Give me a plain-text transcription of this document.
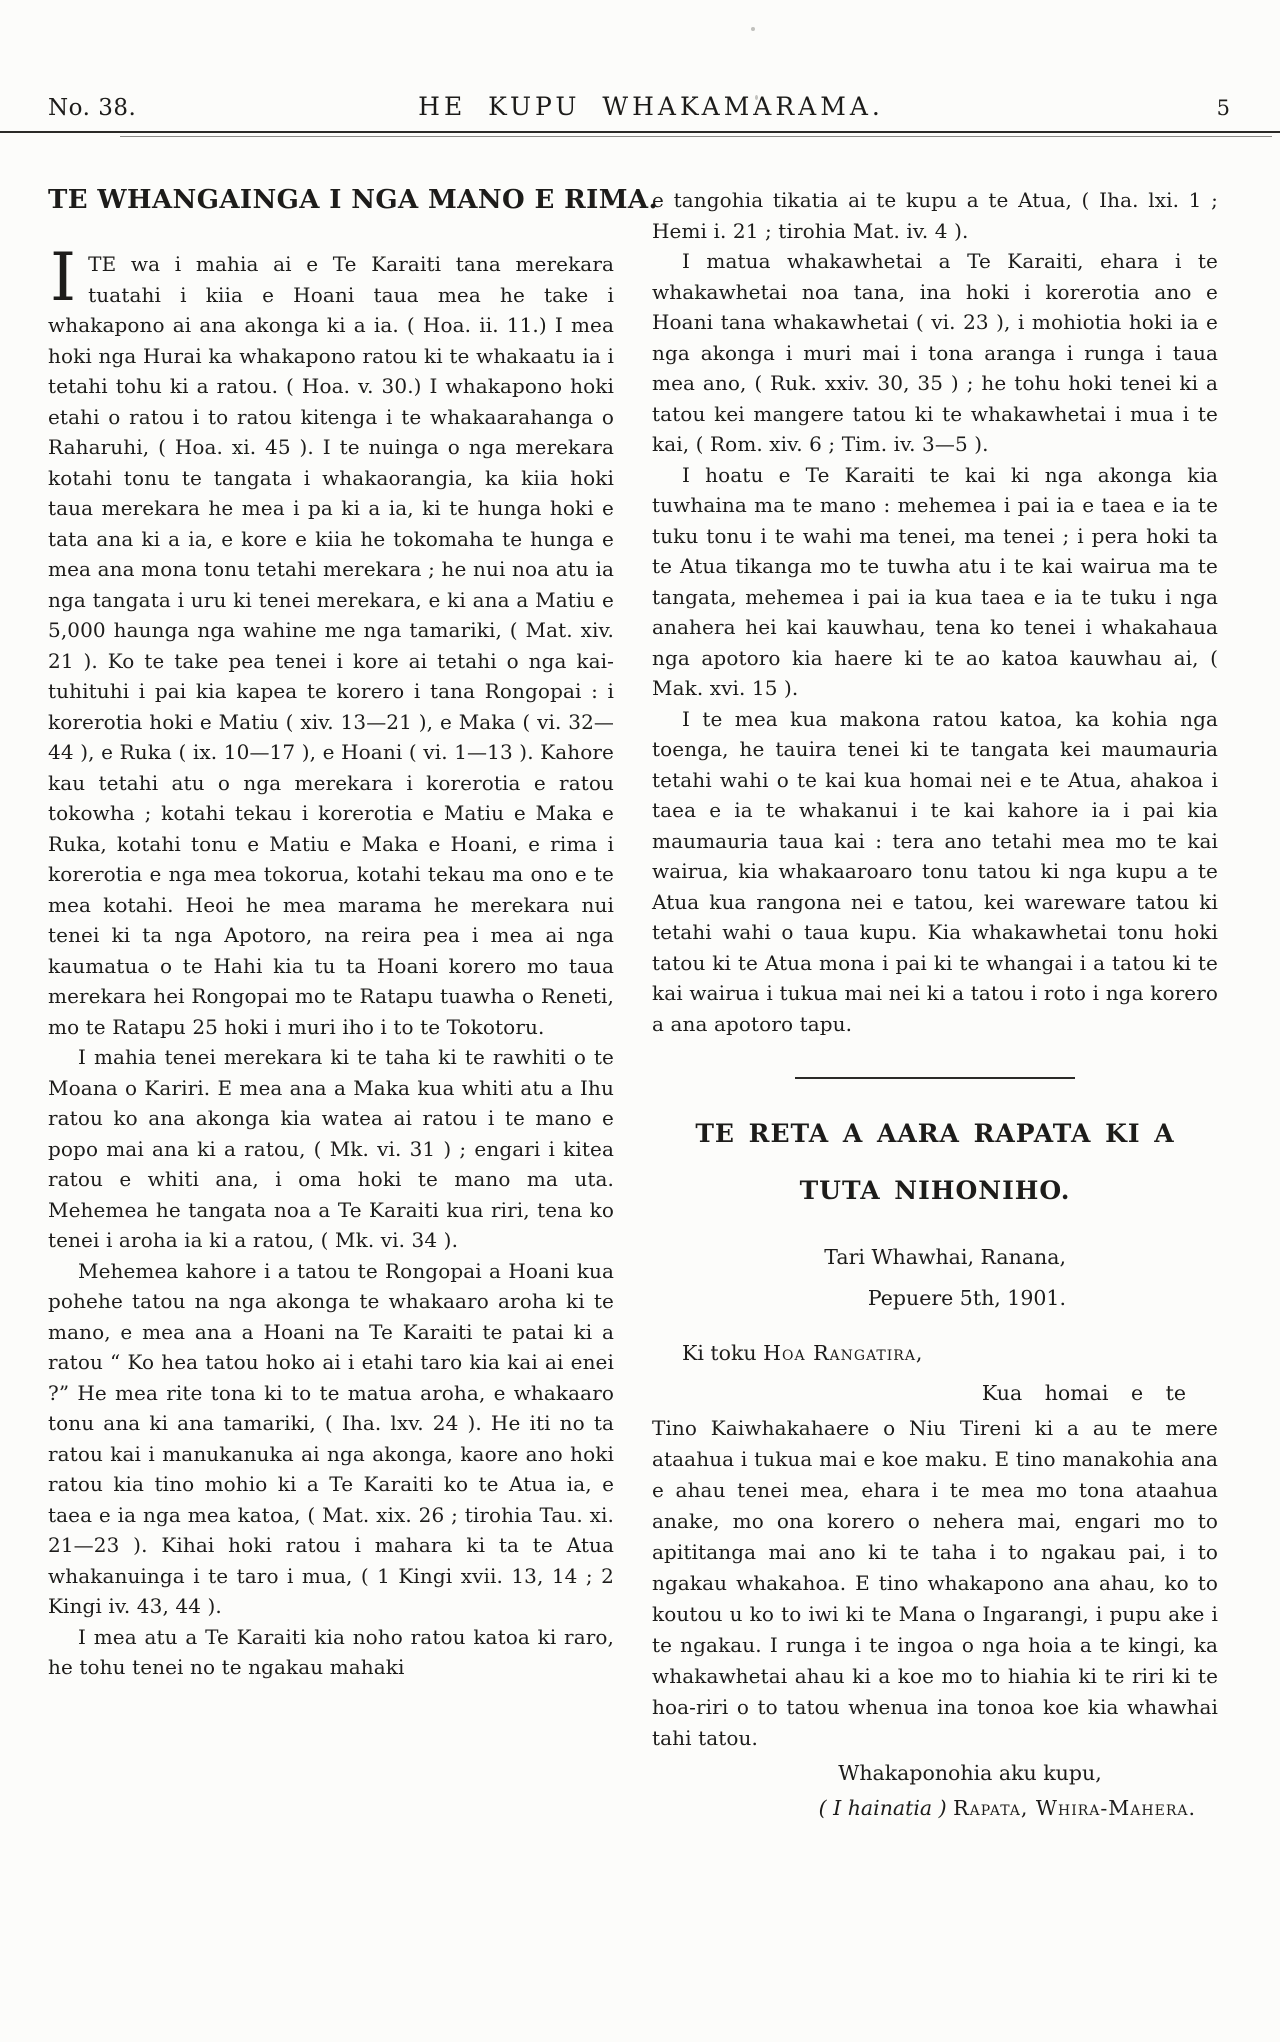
No. 38.	HE KUPU WHAKAMARAMA.	5
TE WHANGAINGA I NGA MANO E RIMA.

ITE wa i mahia ai e Te Karaiti tana merekara tuatahi i kiia e Hoani taua mea he take i whakapono ai ana akonga ki a ia. ( Hoa. ii. 11.) I mea hoki nga Hurai ka whakapono ratou ki te whakaatu ia i tetahi tohu ki a ratou. ( Hoa. v. 30.) I whakapono hoki etahi o ratou i to ratou kitenga i te whakaarahanga o Raharuhi, ( Hoa. xi. 45 ). I te nuinga o nga merekara kotahi tonu te tangata i whakaorangia, ka kiia hoki taua merekara he mea i pa ki a ia, ki te hunga hoki e tata ana ki a ia, e kore e kiia he tokomaha te hunga e mea ana mona tonu tetahi merekara ; he nui noa atu ia nga tangata i uru ki tenei merekara, e ki ana a Matiu e 5,000 haunga nga wahine me nga tamariki, ( Mat. xiv. 21 ). Ko te take pea tenei i kore ai tetahi o nga kai-tuhituhi i pai kia kapea te korero i tana Rongopai : i korerotia hoki e Matiu ( xiv. 13—21 ), e Maka ( vi. 32—44 ), e Ruka ( ix. 10—17 ), e Hoani ( vi. 1—13 ). Kahore kau tetahi atu o nga merekara i korerotia e ratou tokowha ; kotahi tekau i korerotia e Matiu e Maka e Ruka, kotahi tonu e Matiu e Maka e Hoani, e rima i korerotia e nga mea tokorua, kotahi tekau ma ono e te mea kotahi. Heoi he mea marama he merekara nui tenei ki ta nga Apotoro, na reira pea i mea ai nga kaumatua o te Hahi kia tu ta Hoani korero mo taua merekara hei Rongopai mo te Ratapu tuawha o Reneti, mo te Ratapu 25 hoki i muri iho i to te Tokotoru.

I mahia tenei merekara ki te taha ki te rawhiti o te Moana o Kariri. E mea ana a Maka kua whiti atu a Ihu ratou ko ana akonga kia watea ai ratou i te mano e popo mai ana ki a ratou, ( Mk. vi. 31 ) ; engari i kitea ratou e whiti ana, i oma hoki te mano ma uta. Mehemea he tangata noa a Te Karaiti kua riri, tena ko tenei i aroha ia ki a ratou, ( Mk. vi. 34 ).

Mehemea kahore i a tatou te Rongopai a Hoani kua pohehe tatou na nga akonga te whakaaro aroha ki te mano, e mea ana a Hoani na Te Karaiti te patai ki a ratou “ Ko hea tatou hoko ai i etahi taro kia kai ai enei ?” He mea rite tona ki to te matua aroha, e whakaaro tonu ana ki ana tamariki, ( Iha. lxv. 24 ). He iti no ta ratou kai i manukanuka ai nga akonga, kaore ano hoki ratou kia tino mohio ki a Te Karaiti ko te Atua ia, e taea e ia nga mea katoa, ( Mat. xix. 26 ; tirohia Tau. xi. 21—23 ). Kihai hoki ratou i mahara ki ta te Atua whakanuinga i te taro i mua, ( 1 Kingi xvii. 13, 14 ; 2 Kingi iv. 43, 44 ).

I mea atu a Te Karaiti kia noho ratou katoa ki raro, he tohu tenei no te ngakau mahaki

e tangohia tikatia ai te kupu a te Atua, ( Iha. lxi. 1 ; Hemi i. 21 ; tirohia Mat. iv. 4 ).

I matua whakawhetai a Te Karaiti, ehara i te whakawhetai noa tana, ina hoki i korerotia ano e Hoani tana whakawhetai ( vi. 23 ), i mohiotia hoki ia e nga akonga i muri mai i tona aranga i runga i taua mea ano, ( Ruk. xxiv. 30, 35 ) ; he tohu hoki tenei ki a tatou kei mangere tatou ki te whakawhetai i mua i te kai, ( Rom. xiv. 6 ; Tim. iv. 3—5 ).

I hoatu e Te Karaiti te kai ki nga akonga kia tuwhaina ma te mano : mehemea i pai ia e taea e ia te tuku tonu i te wahi ma tenei, ma tenei ; i pera hoki ta te Atua tikanga mo te tuwha atu i te kai wairua ma te tangata, mehemea i pai ia kua taea e ia te tuku i nga anahera hei kai kauwhau, tena ko tenei i whakahaua nga apotoro kia haere ki te ao katoa kauwhau ai, ( Mak. xvi. 15 ).

I te mea kua makona ratou katoa, ka kohia nga toenga, he tauira tenei ki te tangata kei maumauria tetahi wahi o te kai kua homai nei e te Atua, ahakoa i taea e ia te whakanui i te kai kahore ia i pai kia maumauria taua kai : tera ano tetahi mea mo te kai wairua, kia whakaaroaro tonu tatou ki nga kupu a te Atua kua rangona nei e tatou, kei wareware tatou ki tetahi wahi o taua kupu. Kia whakawhetai tonu hoki tatou ki te Atua mona i pai ki te whangai i a tatou ki te kai wairua i tukua mai nei ki a tatou i roto i nga korero a ana apotoro tapu.

TE RETA A AARA RAPATA KI A
TUTA NIHONIHO.
Tari Whawhai, Ranana,
Pepuere 5th, 1901.
Ki toku Hoa Rangatira,
Kua homai e te

Tino Kaiwhakahaere o Niu Tireni ki a au te mere ataahua i tukua mai e koe maku. E tino manakohia ana e ahau tenei mea, ehara i te mea mo tona ataahua anake, mo ona korero o nehera mai, engari mo to apititanga mai ano ki te taha i to ngakau pai, i to ngakau whakahoa. E tino whakapono ana ahau, ko to koutou u ko to iwi ki te Mana o Ingarangi, i pupu ake i te ngakau. I runga i te ingoa o nga hoia a te kingi, ka whakawhetai ahau ki a koe mo to hiahia ki te riri ki te hoa-riri o to tatou whenua ina tonoa koe kia whawhai tahi tatou.

Whakaponohia aku kupu,
( I hainatia ) Rapata, Whira-Mahera.
